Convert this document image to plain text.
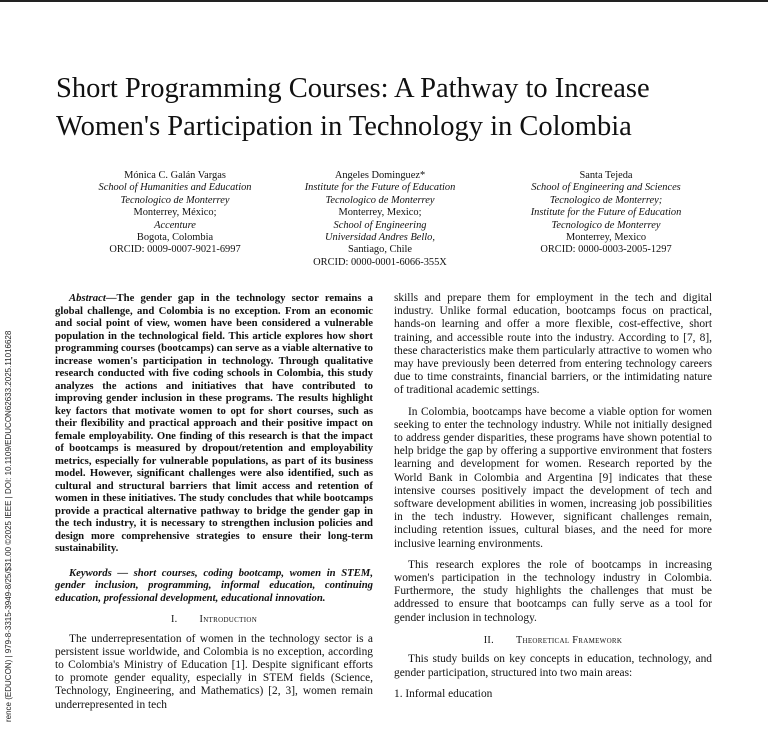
rence (EDUCON) | 979-8-3315-3949-8/25/$31.00 ©2025 IEEE | DOI: 10.1109/EDUCON62633.2025.11016628
Short Programming Courses: A Pathway to Increase Women's Participation in Technology in Colombia
Mónica C. Galán Vargas
School of Humanities and Education
Tecnologico de Monterrey
Monterrey, México;
Accenture
Bogota, Colombia
ORCID: 0009-0007-9021-6997
Angeles Dominguez*
Institute for the Future of Education
Tecnologico de Monterrey
Monterrey, Mexico;
School of Engineering
Universidad Andres Bello,
Santiago, Chile
ORCID: 0000-0001-6066-355X
Santa Tejeda
School of Engineering and Sciences
Tecnologico de Monterrey;
Institute for the Future of Education
Tecnologico de Monterrey
Monterrey, Mexico
ORCID: 0000-0003-2005-1297

Abstract—The gender gap in the technology sector remains a global challenge, and Colombia is no exception. From an economic and social point of view, women have been considered a vulnerable population in the technological field. This article explores how short programming courses (bootcamps) can serve as a viable alternative to increase women's participation in technology. Through qualitative research conducted with five coding schools in Colombia, this study analyzes the actions and initiatives that have contributed to improving gender inclusion in these programs. The results highlight key factors that motivate women to opt for short courses, such as their flexibility and practical approach and their positive impact on female employability. One finding of this research is that the impact of bootcamps is measured by dropout/retention and employability metrics, especially for vulnerable populations, as part of its business model. However, significant challenges were also identified, such as cultural and structural barriers that limit access and retention of women in these initiatives. The study concludes that while bootcamps provide a practical alternative pathway to bridge the gender gap in the tech industry, it is necessary to strengthen inclusion policies and design more comprehensive strategies to ensure their long-term sustainability.

Keywords — short courses, coding bootcamp, women in STEM, gender inclusion, programming, informal education, continuing education, professional development, educational innovation.

I. Introduction

The underrepresentation of women in the technology sector is a persistent issue worldwide, and Colombia is no exception, according to Colombia's Ministry of Education [1]. Despite significant efforts to promote gender equality, especially in STEM fields (Science, Technology, Engineering, and Mathematics) [2, 3], women remain underrepresented in tech

skills and prepare them for employment in the tech and digital industry. Unlike formal education, bootcamps focus on practical, hands-on learning and offer a more flexible, cost-effective, short training, and accessible route into the industry. According to [7, 8], these characteristics make them particularly attractive to women who may have previously been deterred from entering technology careers due to time constraints, financial barriers, or the intimidating nature of traditional academic settings.

In Colombia, bootcamps have become a viable option for women seeking to enter the technology industry. While not initially designed to address gender disparities, these programs have shown potential to help bridge the gap by offering a supportive environment that fosters learning and development for women. Research reported by the World Bank in Colombia and Argentina [9] indicates that these intensive courses positively impact the development of tech and software development abilities in women, increasing job possibilities in the tech industry. However, significant challenges remain, including retention issues, cultural biases, and the need for more inclusive learning environments.

This research explores the role of bootcamps in increasing women's participation in the technology industry in Colombia. Furthermore, the study highlights the challenges that must be addressed to ensure that bootcamps can fully serve as a tool for gender inclusion in technology.

II. Theoretical Framework

This study builds on key concepts in education, technology, and gender participation, structured into two main areas:

1. Informal education
